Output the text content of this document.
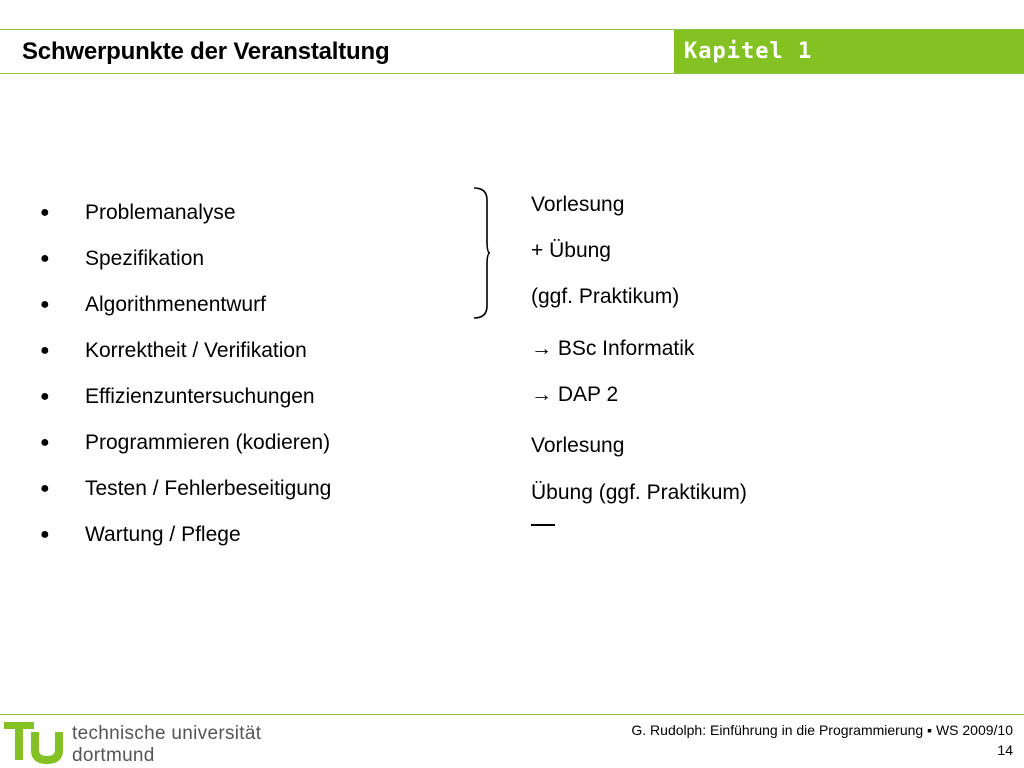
Schwerpunkte der Veranstaltung	Kapitel 1
●	Problemanalyse
●	Spezifikation
●	Algorithmenentwurf
●	Korrektheit / Verifikation
●	Effizienzuntersuchungen
●	Programmieren (kodieren)
●	Testen / Fehlerbeseitigung
●	Wartung / Pflege
Vorlesung
+ Übung
(ggf. Praktikum)
→ BSc Informatik
→ DAP 2
Vorlesung
Übung (ggf. Praktikum)
technische universität
dortmund
G. Rudolph: Einführung in die Programmierung ▪ WS 2009/10
14
